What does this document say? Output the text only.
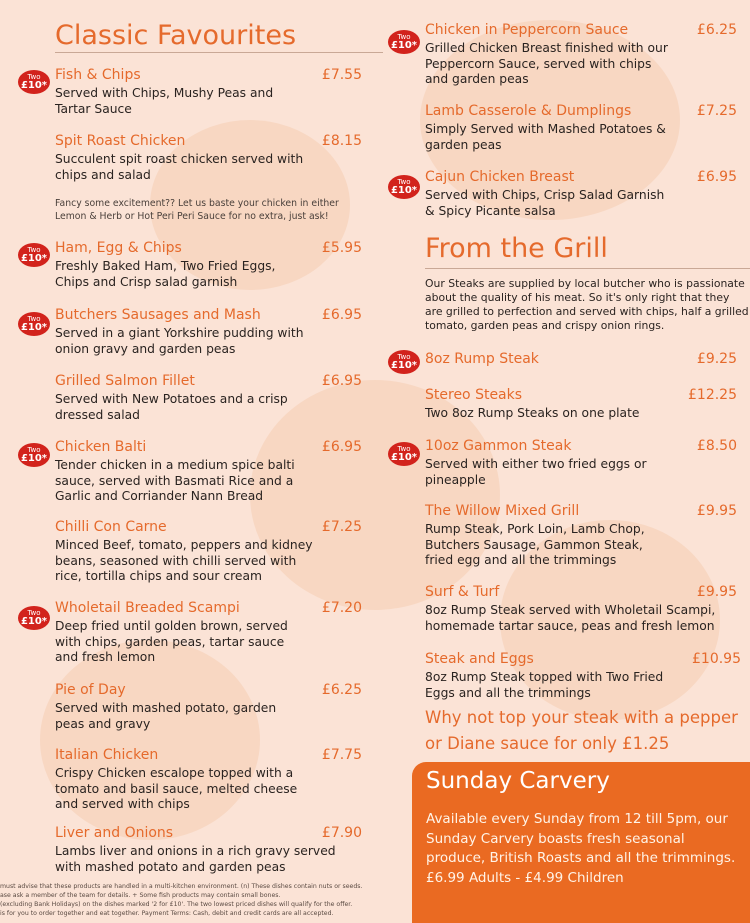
Classic Favourites
Two
£10*
Fish & Chips	£7.55
Served with Chips, Mushy Peas and Tartar Sauce
Spit Roast Chicken	£8.15
Succulent spit roast chicken served with chips and salad
Fancy some excitement?? Let us baste your chicken in either Lemon & Herb or Hot Peri Peri Sauce for no extra, just ask!
Two
£10*
Ham, Egg & Chips	£5.95
Freshly Baked Ham, Two Fried Eggs, Chips and Crisp salad garnish
Two
£10*
Butchers Sausages and Mash	£6.95
Served in a giant Yorkshire pudding with onion gravy and garden peas
Grilled Salmon Fillet	£6.95
Served with New Potatoes and a crisp dressed salad
Two
£10*
Chicken Balti	£6.95
Tender chicken in a medium spice balti sauce, served with Basmati Rice and a Garlic and Corriander Nann Bread
Chilli Con Carne	£7.25
Minced Beef, tomato, peppers and kidney beans, seasoned with chilli served with rice, tortilla chips and sour cream
Two
£10*
Wholetail Breaded Scampi	£7.20
Deep fried until golden brown, served with chips, garden peas, tartar sauce and fresh lemon
Pie of Day	£6.25
Served with mashed potato, garden peas and gravy
Italian Chicken	£7.75
Crispy Chicken escalope topped with a tomato and basil sauce, melted cheese and served with chips
Liver and Onions	£7.90
Lambs liver and onions in a rich gravy served with mashed potato and garden peas
Two
£10*
Chicken in Peppercorn Sauce	£6.25
Grilled Chicken Breast finished with our Peppercorn Sauce, served with chips and garden peas
Lamb Casserole & Dumplings	£7.25
Simply Served with Mashed Potatoes & garden peas
Two
£10*
Cajun Chicken Breast	£6.95
Served with Chips, Crisp Salad Garnish & Spicy Picante salsa
From the Grill
Our Steaks are supplied by local butcher who is passionate about the quality of his meat. So it's only right that they are grilled to perfection and served with chips, half a grilled tomato, garden peas and crispy onion rings.
Two
£10* 8oz Rump Steak	£9.25
Stereo Steaks	£12.25
Two 8oz Rump Steaks on one plate
Two
£10*
10oz Gammon Steak	£8.50
Served with either two fried eggs or pineapple
The Willow Mixed Grill	£9.95
Rump Steak, Pork Loin, Lamb Chop, Butchers Sausage, Gammon Steak, fried egg and all the trimmings
Surf & Turf	£9.95
8oz Rump Steak served with Wholetail Scampi, homemade tartar sauce, peas and fresh lemon
Steak and Eggs	£10.95
8oz Rump Steak topped with Two Fried Eggs and all the trimmings
Why not top your steak with a pepper or Diane sauce for only £1.25
Sunday Carvery
Available every Sunday from 12 till 5pm, our Sunday Carvery boasts fresh seasonal produce, British Roasts and all the trimmings.
£6.99 Adults - £4.99 Children
must advise that these products are handled in a multi-kitchen environment. (n) These dishes contain nuts or seeds.
ase ask a member of the team for details. + Some fish products may contain small bones.
(excluding Bank Holidays) on the dishes marked '2 for £10'. The two lowest priced dishes will qualify for the offer.
is for you to order together and eat together. Payment Terms: Cash, debit and credit cards are all accepted.
